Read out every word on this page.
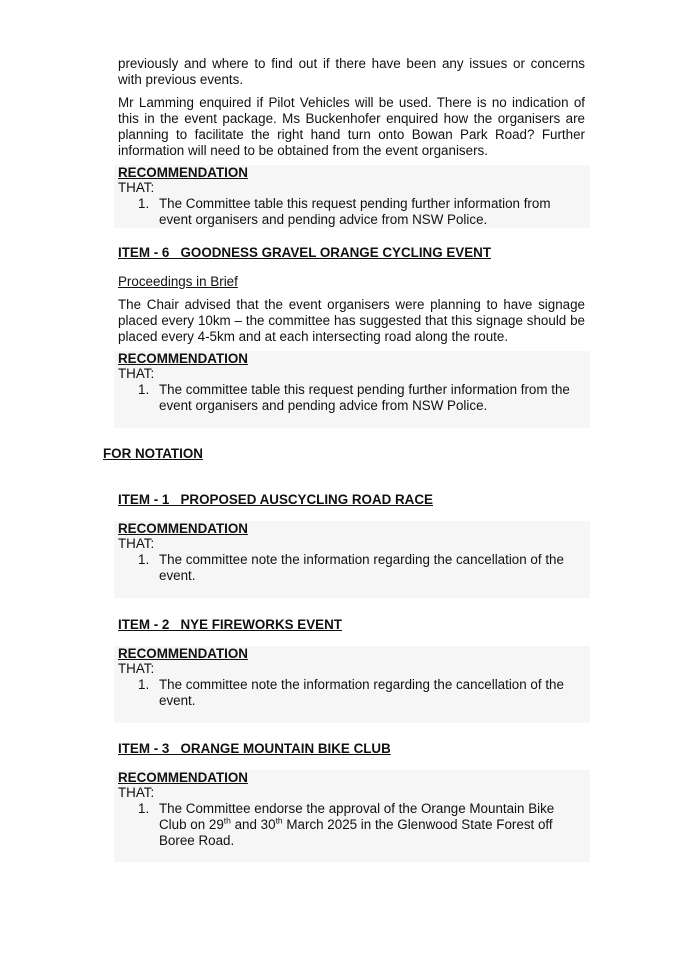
previously and where to find out if there have been any issues or concerns with previous events.

Mr Lamming enquired if Pilot Vehicles will be used. There is no indication of this in the event package. Ms Buckenhofer enquired how the organisers are planning to facilitate the right hand turn onto Bowan Park Road? Further information will need to be obtained from the event organisers.

RECOMMENDATION
THAT:
1. The Committee table this request pending further information from event organisers and pending advice from NSW Police.
ITEM - 6   GOODNESS GRAVEL ORANGE CYCLING EVENT
Proceedings in Brief

The Chair advised that the event organisers were planning to have signage placed every 10km – the committee has suggested that this signage should be placed every 4-5km and at each intersecting road along the route.

RECOMMENDATION
THAT:
1. The committee table this request pending further information from the event organisers and pending advice from NSW Police.
FOR NOTATION
ITEM - 1   PROPOSED AUSCYCLING ROAD RACE
RECOMMENDATION
THAT:
1. The committee note the information regarding the cancellation of the event.
ITEM - 2   NYE FIREWORKS EVENT
RECOMMENDATION
THAT:
1. The committee note the information regarding the cancellation of the event.
ITEM - 3   ORANGE MOUNTAIN BIKE CLUB
RECOMMENDATION
THAT:
1. The Committee endorse the approval of the Orange Mountain Bike Club on 29th and 30th March 2025 in the Glenwood State Forest off Boree Road.
